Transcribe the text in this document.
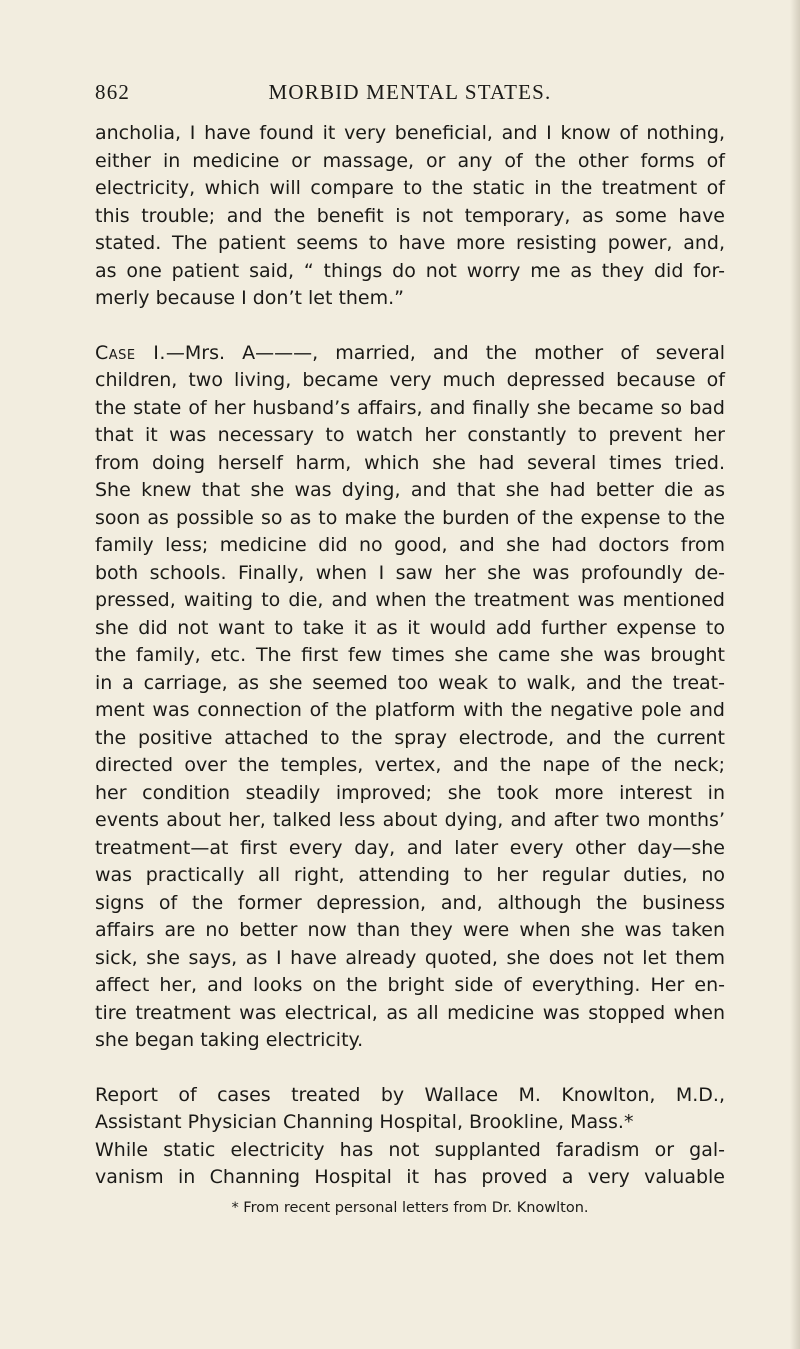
862	MORBID MENTAL STATES.
ancholia, I have found it very beneficial, and I know of nothing,
either in medicine or massage, or any of the other forms of
electricity, which will compare to the static in the treatment of
this trouble; and the benefit is not temporary, as some have
stated. The patient seems to have more resisting power, and,
as one patient said, “ things do not worry me as they did for-
merly because I don’t let them.”
Case I.—Mrs. A———, married, and the mother of several
children, two living, became very much depressed because of
the state of her husband’s affairs, and finally she became so bad
that it was necessary to watch her constantly to prevent her
from doing herself harm, which she had several times tried.
She knew that she was dying, and that she had better die as
soon as possible so as to make the burden of the expense to the
family less; medicine did no good, and she had doctors from
both schools. Finally, when I saw her she was profoundly de-
pressed, waiting to die, and when the treatment was mentioned
she did not want to take it as it would add further expense to
the family, etc. The first few times she came she was brought
in a carriage, as she seemed too weak to walk, and the treat-
ment was connection of the platform with the negative pole and
the positive attached to the spray electrode, and the current
directed over the temples, vertex, and the nape of the neck;
her condition steadily improved; she took more interest in
events about her, talked less about dying, and after two months’
treatment—at first every day, and later every other day—she
was practically all right, attending to her regular duties, no
signs of the former depression, and, although the business
affairs are no better now than they were when she was taken
sick, she says, as I have already quoted, she does not let them
affect her, and looks on the bright side of everything. Her en-
tire treatment was electrical, as all medicine was stopped when
she began taking electricity.
Report of cases treated by Wallace M. Knowlton, M.D.,
Assistant Physician Channing Hospital, Brookline, Mass.*
While static electricity has not supplanted faradism or gal-
vanism in Channing Hospital it has proved a very valuable
* From recent personal letters from Dr. Knowlton.
